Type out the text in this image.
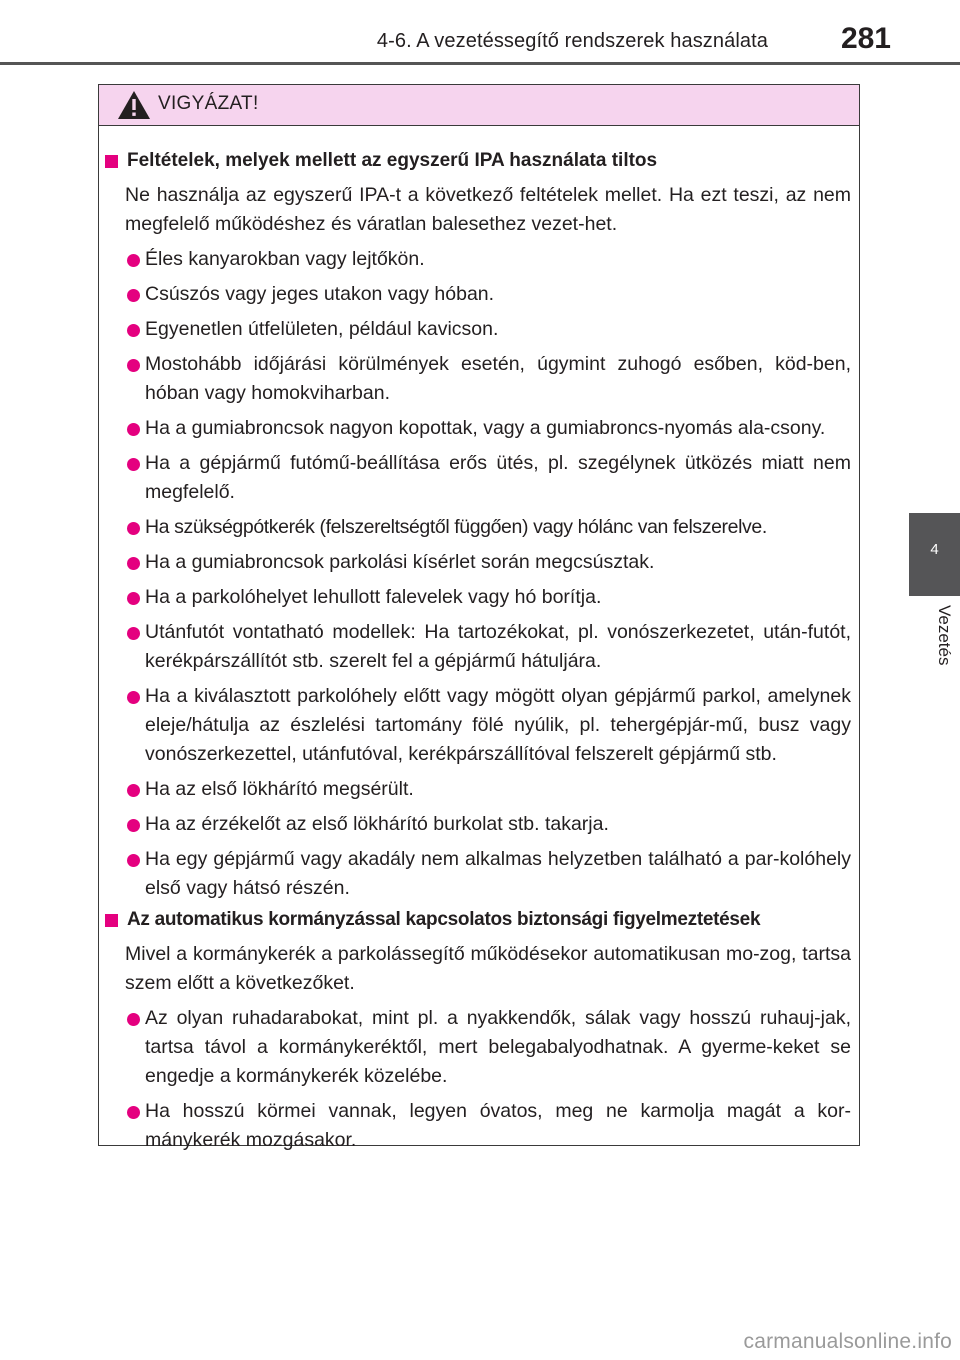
4-6. A vezetéssegítő rendszerek használata 281
4
Vezetés
VIGYÁZAT!

Feltételek, melyek mellett az egyszerű IPA használata tiltos

Ne használja az egyszerű IPA-t a következő feltételek mellet. Ha ezt teszi, az nem megfelelő működéshez és váratlan balesethez vezet-het.

Éles kanyarokban vagy lejtőkön.

Csúszós vagy jeges utakon vagy hóban.

Egyenetlen útfelületen, például kavicson.

Mostohább időjárási körülmények esetén, úgymint zuhogó esőben, köd-ben, hóban vagy homokviharban.

Ha a gumiabroncsok nagyon kopottak, vagy a gumiabroncs-nyomás ala-csony.

Ha a gépjármű futómű-beállítása erős ütés, pl. szegélynek ütközés miatt nem megfelelő.

Ha szükségpótkerék (felszereltségtől függően) vagy hólánc van felszerelve.

Ha a gumiabroncsok parkolási kísérlet során megcsúsztak.

Ha a parkolóhelyet lehullott falevelek vagy hó borítja.

Utánfutót vontatható modellek: Ha tartozékokat, pl. vonószerkezetet, után-futót, kerékpárszállítót stb. szerelt fel a gépjármű hátuljára.

Ha a kiválasztott parkolóhely előtt vagy mögött olyan gépjármű parkol, amelynek eleje/hátulja az észlelési tartomány fölé nyúlik, pl. tehergépjár-mű, busz vagy vonószerkezettel, utánfutóval, kerékpárszállítóval felszerelt gépjármű stb.

Ha az első lökhárító megsérült.

Ha az érzékelőt az első lökhárító burkolat stb. takarja.

Ha egy gépjármű vagy akadály nem alkalmas helyzetben található a par-kolóhely első vagy hátsó részén.

Az automatikus kormányzással kapcsolatos biztonsági figyelmeztetések

Mivel a kormánykerék a parkolássegítő működésekor automatikusan mo-zog, tartsa szem előtt a következőket.

Az olyan ruhadarabokat, mint pl. a nyakkendők, sálak vagy hosszú ruhauj-jak, tartsa távol a kormánykeréktől, mert belegabalyodhatnak. A gyerme-keket se engedje a kormánykerék közelébe.

Ha hosszú körmei vannak, legyen óvatos, meg ne karmolja magát a kor-mánykerék mozgásakor.

carmanualsonline.info
